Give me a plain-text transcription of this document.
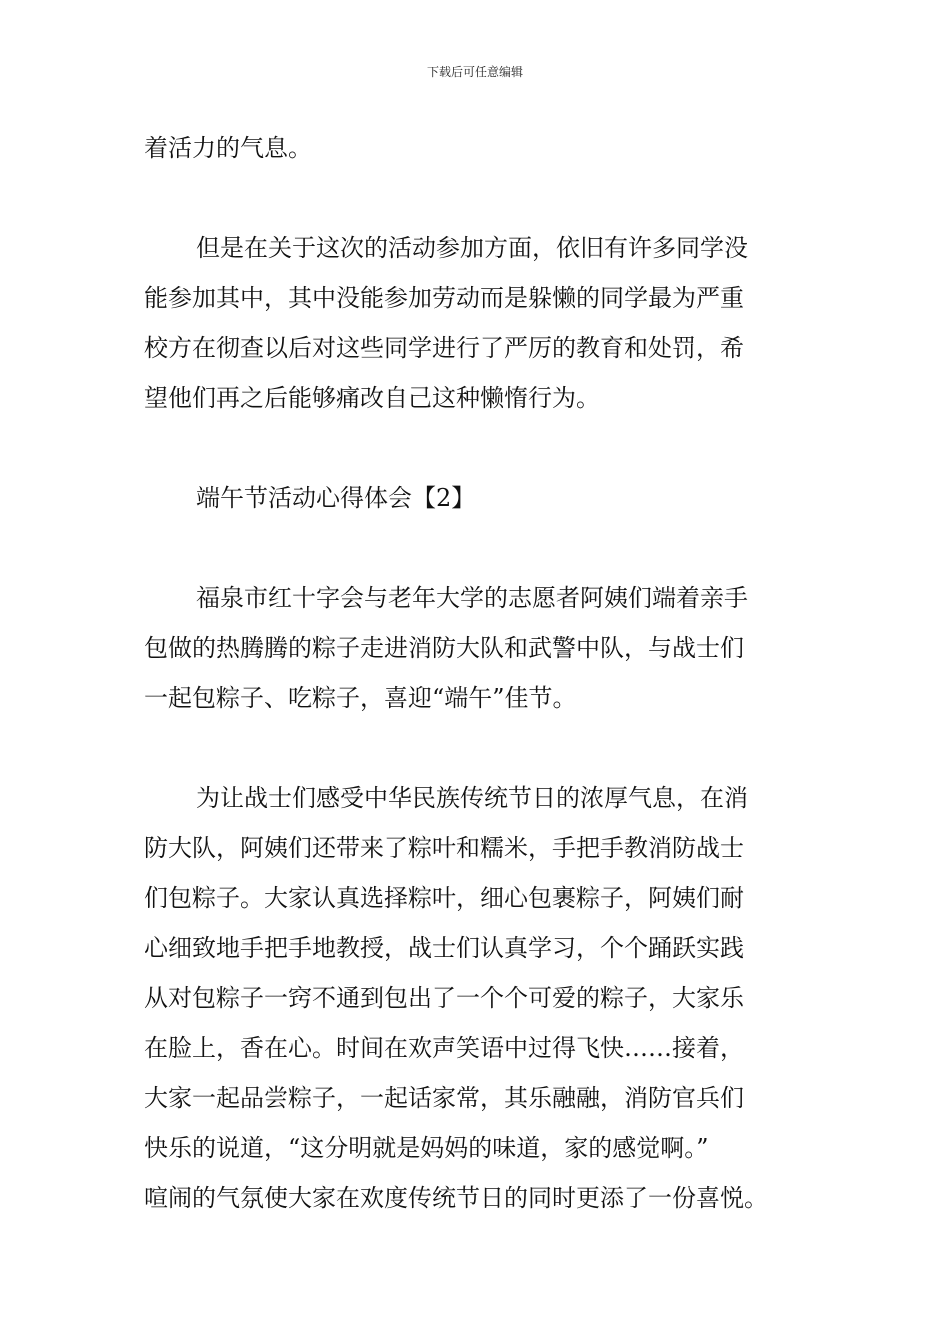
下载后可任意编辑
着活力的气息。
但是在关于这次的活动参加方面，依旧有许多同学没
能参加其中，其中没能参加劳动而是躲懒的同学最为严重
校方在彻查以后对这些同学进行了严厉的教育和处罚，希
望他们再之后能够痛改自己这种懒惰行为。
端午节活动心得体会【2】
福泉市红十字会与老年大学的志愿者阿姨们端着亲手
包做的热腾腾的粽子走进消防大队和武警中队，与战士们
一起包粽子、吃粽子，喜迎“端午”佳节。
为让战士们感受中华民族传统节日的浓厚气息，在消
防大队，阿姨们还带来了粽叶和糯米，手把手教消防战士
们包粽子。大家认真选择粽叶，细心包裹粽子，阿姨们耐
心细致地手把手地教授，战士们认真学习，个个踊跃实践
从对包粽子一窍不通到包出了一个个可爱的粽子，大家乐
在脸上，香在心。时间在欢声笑语中过得飞快……接着，
大家一起品尝粽子，一起话家常，其乐融融，消防官兵们
快乐的说道，“这分明就是妈妈的味道，家的感觉啊。”
喧闹的气氛使大家在欢度传统节日的同时更添了一份喜悦。
